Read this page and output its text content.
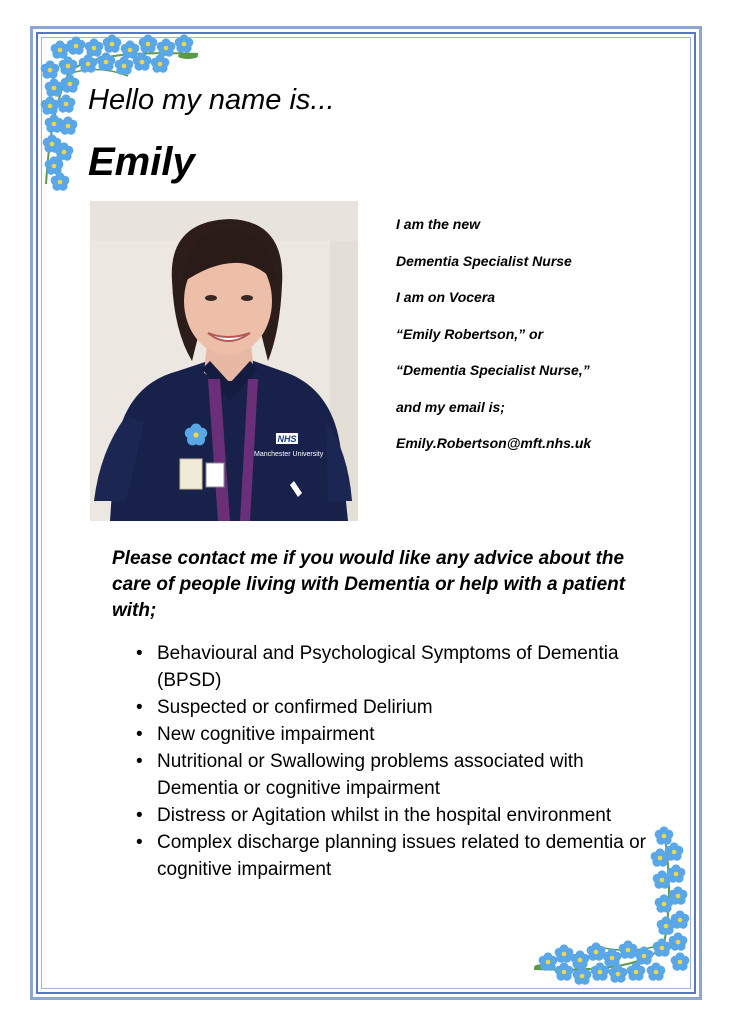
Hello my name is...
Emily
NHS
Manchester University
I am the new
Dementia Specialist Nurse
I am on Vocera
“Emily Robertson,” or
“Dementia Specialist Nurse,”
and my email is;
Emily.Robertson@mft.nhs.uk
Please contact me if you would like any advice about the care of people living with Dementia or help with a patient with;
• Behavioural and Psychological Symptoms of Dementia (BPSD)
• Suspected or confirmed Delirium
• New cognitive impairment
• Nutritional or Swallowing problems associated with Dementia or cognitive impairment
• Distress or Agitation whilst in the hospital environment
• Complex discharge planning issues related to dementia or cognitive impairment
